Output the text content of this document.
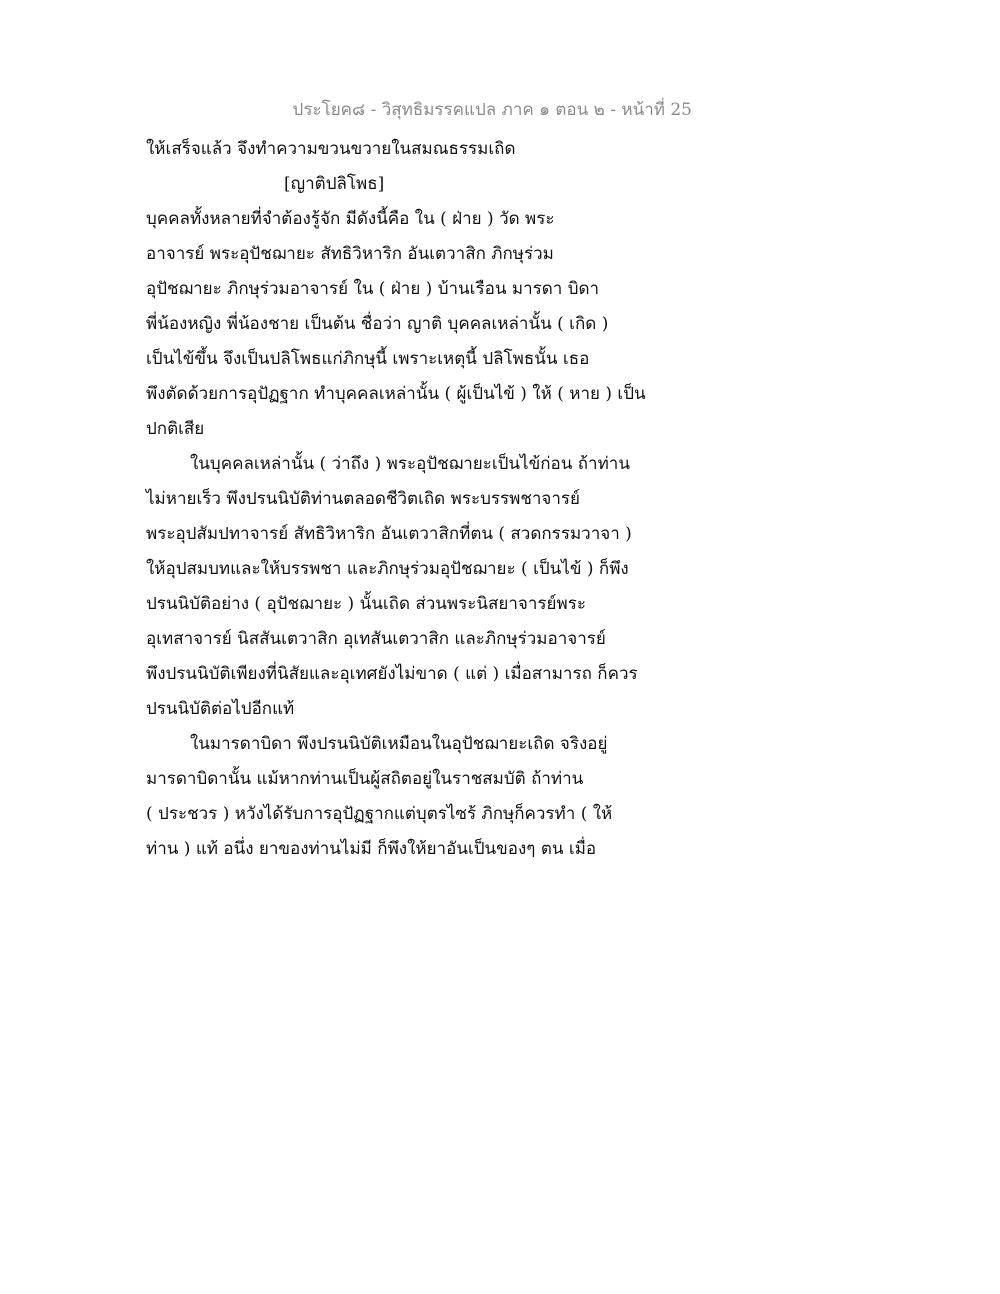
ประโยค๘ - วิสุทธิมรรคแปล ภาค ๑ ตอน ๒ - หน้าที่ 25
ให้เสร็จแล้ว จึงทำความขวนขวายในสมณธรรมเถิด
[ญาติปลิโพธ]
บุคคลทั้งหลายที่จำต้องรู้จัก มีดังนี้คือ ใน ( ฝ่าย ) วัด พระ
อาจารย์ พระอุปัชฌายะ สัทธิวิหาริก อันเตวาสิก ภิกษุร่วม
อุปัชฌายะ ภิกษุร่วมอาจารย์ ใน ( ฝ่าย ) บ้านเรือน มารดา บิดา
พี่น้องหญิง พี่น้องชาย เป็นต้น ชื่อว่า ญาติ บุคคลเหล่านั้น ( เกิด )
เป็นไข้ขึ้น จึงเป็นปลิโพธแก่ภิกษุนี้ เพราะเหตุนี้ ปลิโพธนั้น เธอ
พึงตัดด้วยการอุปัฏฐาก ทำบุคคลเหล่านั้น ( ผู้เป็นไข้ ) ให้ ( หาย ) เป็น
ปกติเสีย
ในบุคคลเหล่านั้น ( ว่าถึง ) พระอุปัชฌายะเป็นไข้ก่อน ถ้าท่าน
ไม่หายเร็ว พึงปรนนิบัติท่านตลอดชีวิตเถิด พระบรรพชาจารย์
พระอุปสัมปทาจารย์ สัทธิวิหาริก อันเตวาสิกที่ตน ( สวดกรรมวาจา )
ให้อุปสมบทและให้บรรพชา และภิกษุร่วมอุปัชฌายะ ( เป็นไข้ ) ก็พึง
ปรนนิบัติอย่าง ( อุปัชฌายะ ) นั้นเถิด ส่วนพระนิสยาจารย์พระ
อุเทสาจารย์ นิสสันเตวาสิก อุเทสันเตวาสิก และภิกษุร่วมอาจารย์
พึงปรนนิบัติเพียงที่นิสัยและอุเทศยังไม่ขาด ( แต่ ) เมื่อสามารถ ก็ควร
ปรนนิบัติต่อไปอีกแท้
ในมารดาบิดา พึงปรนนิบัติเหมือนในอุปัชฌายะเถิด จริงอยู่
มารดาบิดานั้น แม้หากท่านเป็นผู้สถิตอยู่ในราชสมบัติ ถ้าท่าน
( ประชวร ) หวังได้รับการอุปัฏฐากแต่บุตรไซร้ ภิกษุก็ควรทำ ( ให้
ท่าน ) แท้ อนึ่ง ยาของท่านไม่มี ก็พึงให้ยาอันเป็นของๆ ตน เมื่อ
